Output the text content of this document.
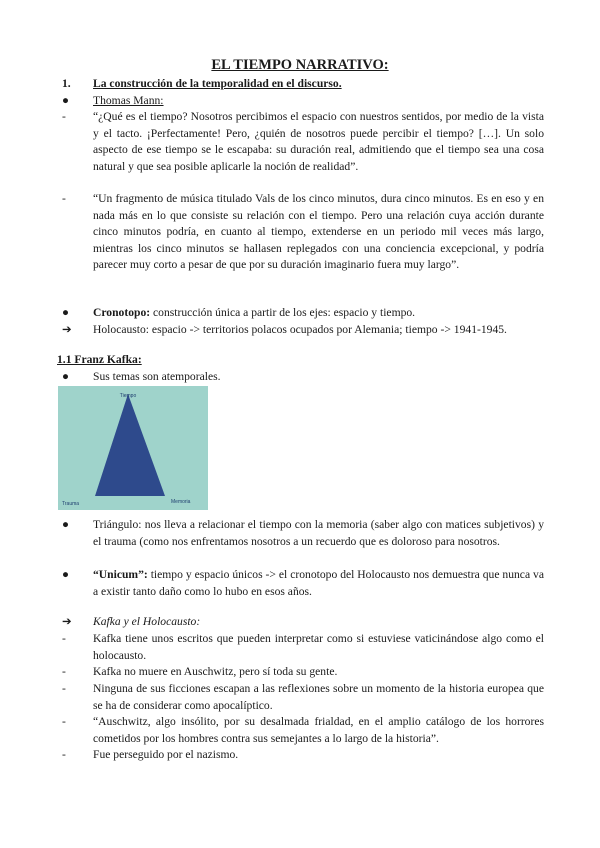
EL TIEMPO NARRATIVO:
1.	La construcción de la temporalidad en el discurso.
●	Thomas Mann:
-	“¿Qué es el tiempo? Nosotros percibimos el espacio con nuestros sentidos, por medio de la vista y el tacto. ¡Perfectamente! Pero, ¿quién de nosotros puede percibir el tiempo? […]. Un solo aspecto de ese tiempo se le escapaba: su duración real, admitiendo que el tiempo sea una cosa natural y que sea posible aplicarle la noción de realidad”.
-	“Un fragmento de música titulado Vals de los cinco minutos, dura cinco minutos. Es en eso y en nada más en lo que consiste su relación con el tiempo. Pero una relación cuya acción durante cinco minutos podría, en cuanto al tiempo, extenderse en un periodo mil veces más largo, mientras los cinco minutos se hallasen replegados con una conciencia excepcional, y podría parecer muy corto a pesar de que por su duración imaginario fuera muy largo”.
●	Cronotopo: construcción única a partir de los ejes: espacio y tiempo.
➔	Holocausto: espacio -> territorios polacos ocupados por Alemania; tiempo -> 1941-1945.
1.1 Franz Kafka:
●	Sus temas son atemporales.
Tiempo
Trauma	Memoria
●	Triángulo: nos lleva a relacionar el tiempo con la memoria (saber algo con matices subjetivos) y el trauma (como nos enfrentamos nosotros a un recuerdo que es doloroso para nosotros.
●	“Unicum”: tiempo y espacio únicos -> el cronotopo del Holocausto nos demuestra que nunca va a existir tanto daño como lo hubo en esos años.
➔	Kafka y el Holocausto:
-	Kafka tiene unos escritos que pueden interpretar como si estuviese vaticinándose algo como el holocausto.
-	Kafka no muere en Auschwitz, pero sí toda su gente.
-	Ninguna de sus ficciones escapan a las reflexiones sobre un momento de la historia europea que se ha de considerar como apocalíptico.
-	“Auschwitz, algo insólito, por su desalmada frialdad, en el amplio catálogo de los horrores cometidos por los hombres contra sus semejantes a lo largo de la historia”.
-	Fue perseguido por el nazismo.
